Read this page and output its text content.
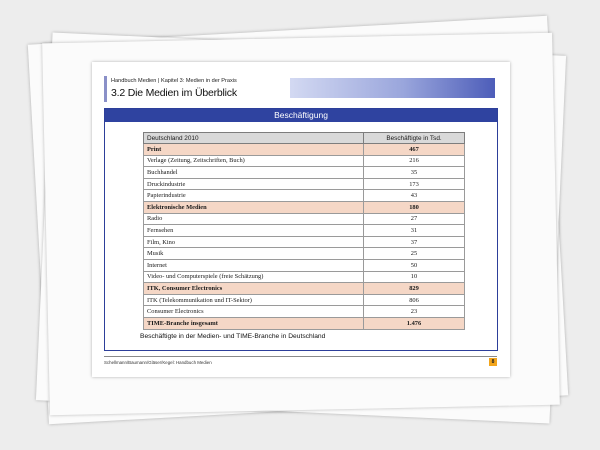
Handbuch Medien | Kapitel 3: Medien in der Praxis
3.2 Die Medien im Überblick
Beschäftigung
Deutschland 2010	Beschäftigte in Tsd.
Print	467
Verlage (Zeitung, Zeitschriften, Buch)	216
Buchhandel	35
Druckindustrie	173
Papierindustrie	43
Elektronische Medien	180
Radio	27
Fernsehen	31
Film, Kino	37
Musik	25
Internet	50
Video- und Computerspiele (freie Schätzung)	10
ITK, Consumer Electronics	829
ITK (Telekommunikation und IT-Sektor)	806
Consumer Electronics	23
TIME-Branche insgesamt	1.476
Beschäftigte in der Medien- und TIME-Branche in Deutschland
Schellmann/Baumann/Gläser/Kegel: Handbuch Medien	8
